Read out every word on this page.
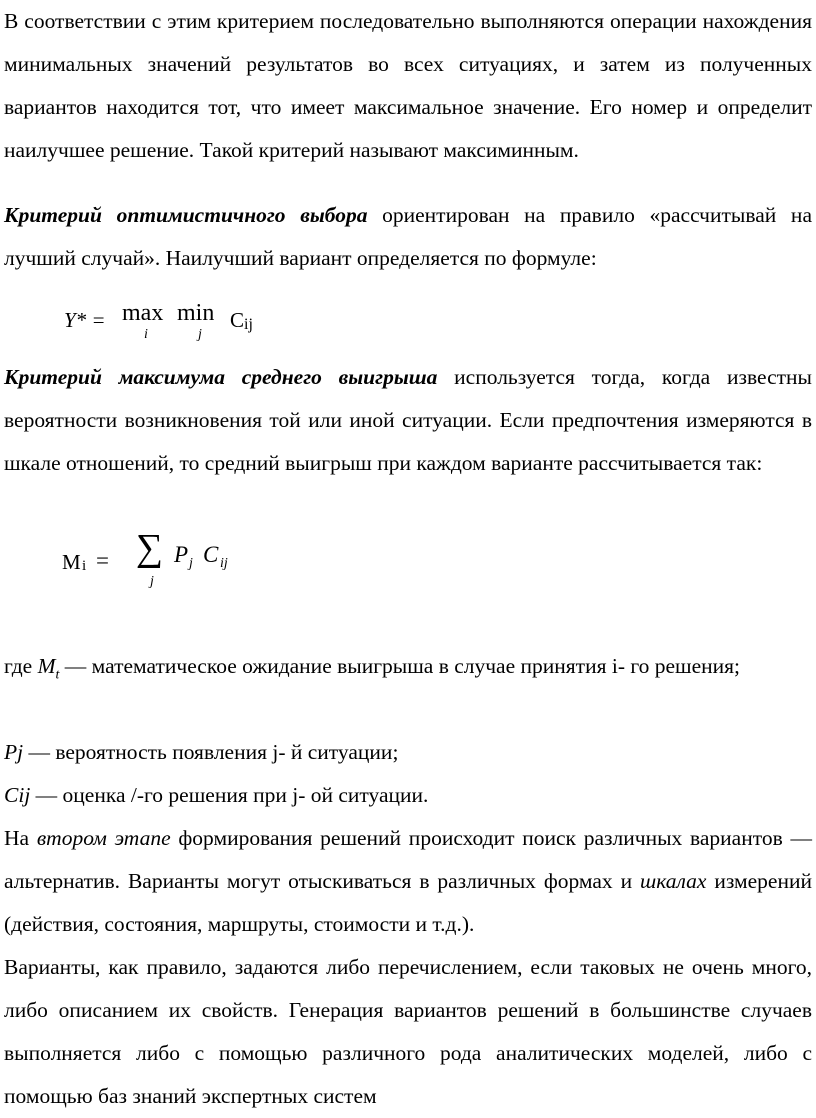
В соответствии с этим критерием последовательно выполняются операции нахождения минимальных значений результатов во всех ситуациях, и затем из полученных вариантов находится тот, что имеет максимальное значение. Его номер и определит наилучшее решение. Такой критерий называют максиминным.

Критерий оптимистичного выбора ориентирован на правило «рассчитывай на лучший случай». Наилучший вариант определяется по формуле:

Y* = max
i
min
j
C ij

Критерий максимума среднего выигрыша используется тогда, когда известны вероятности возникновения той или иной ситуации. Если предпочтения измеряются в шкале отношений, то средний выигрыш при каждом варианте рассчитывается так:

M i = ∑
j
P j C ij

где $M_t$ — математическое ожидание выигрыша в случае принятия i- го решения;

Pj — вероятность появления j- й ситуации;

Cij — оценка /-го решения при j- ой ситуации.

На втором этапе формирования решений происходит поиск различных вариантов — альтернатив. Варианты могут отыскиваться в различных формах и шкалах измерений (действия, состояния, маршруты, стоимости и т.д.).

Варианты, как правило, задаются либо перечислением, если таковых не очень много, либо описанием их свойств. Генерация вариантов решений в большинстве случаев выполняется либо с помощью различного рода аналитических моделей, либо с помощью баз знаний экспертных систем
